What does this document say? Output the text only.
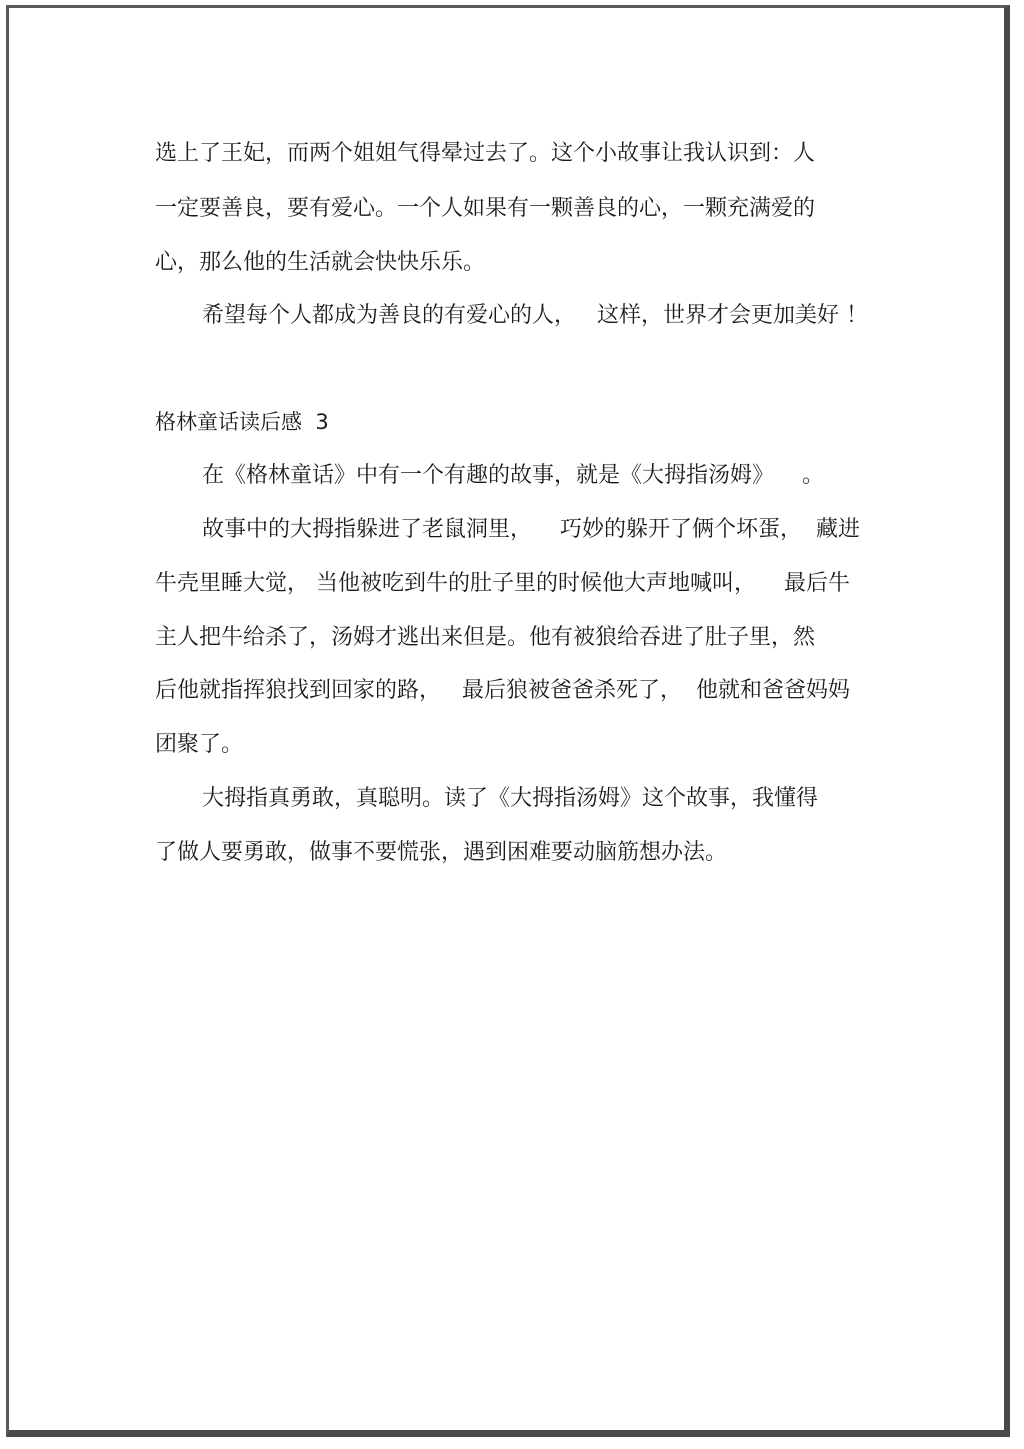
选上了王妃，而两个姐姐气得晕过去了。这个小故事让我认识到：人
一定要善良，要有爱心。一个人如果有一颗善良的心，一颗充满爱的
心，那么他的生活就会快快乐乐。
希望每个人都成为善良的有爱心的人，   这样，世界才会更加美好 ！
格林童话读后感  3
在《格林童话》中有一个有趣的故事，就是《大拇指汤姆》    。
故事中的大拇指躲进了老鼠洞里，    巧妙的躲开了俩个坏蛋，  藏进
牛壳里睡大觉， 当他被吃到牛的肚子里的时候他大声地喊叫，    最后牛
主人把牛给杀了，汤姆才逃出来但是。他有被狼给吞进了肚子里，然
后他就指挥狼找到回家的路，   最后狼被爸爸杀死了，  他就和爸爸妈妈
团聚了。
大拇指真勇敢，真聪明。读了《大拇指汤姆》这个故事，我懂得
了做人要勇敢，做事不要慌张，遇到困难要动脑筋想办法。
